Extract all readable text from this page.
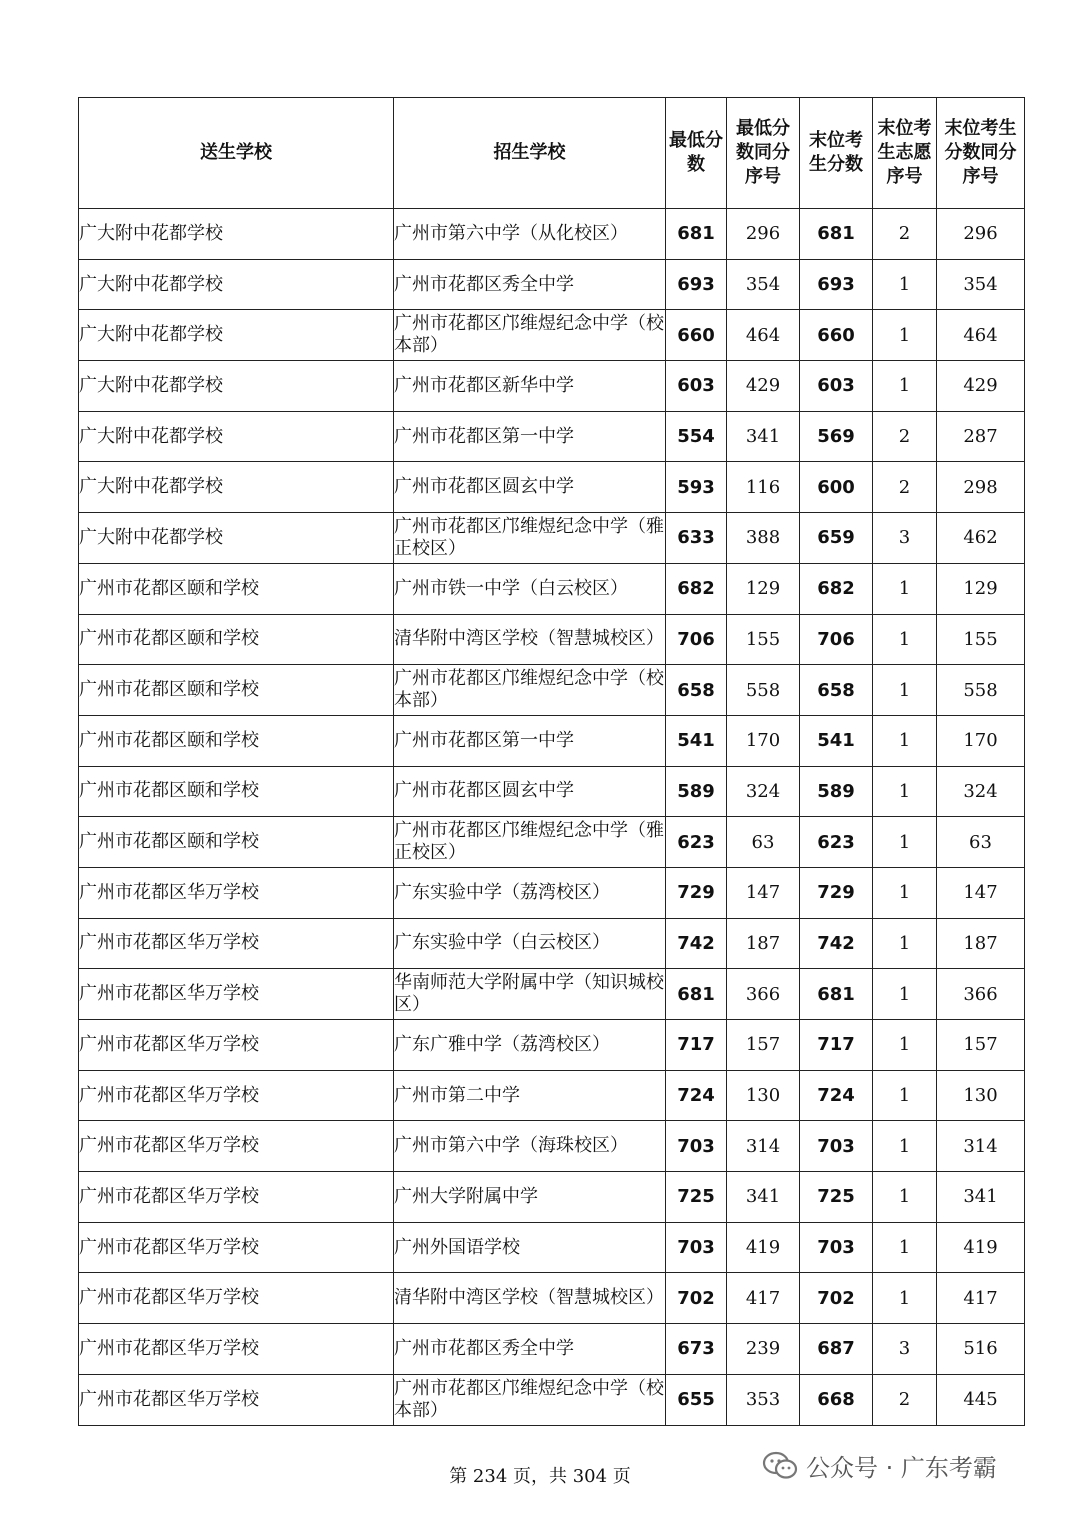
送生学校	招生学校	最低分数	最低分数同分序号	末位考生分数	末位考生志愿序号	末位考生分数同分序号

广大附中花都学校	广州市第六中学（从化校区）	681	296	681	2	296
广大附中花都学校	广州市花都区秀全中学	693	354	693	1	354
广大附中花都学校	广州市花都区邝维煜纪念中学（校本部）	660	464	660	1	464
广大附中花都学校	广州市花都区新华中学	603	429	603	1	429
广大附中花都学校	广州市花都区第一中学	554	341	569	2	287
广大附中花都学校	广州市花都区圆玄中学	593	116	600	2	298
广大附中花都学校	广州市花都区邝维煜纪念中学（雅正校区）	633	388	659	3	462
广州市花都区颐和学校	广州市铁一中学（白云校区）	682	129	682	1	129
广州市花都区颐和学校	清华附中湾区学校（智慧城校区）	706	155	706	1	155
广州市花都区颐和学校	广州市花都区邝维煜纪念中学（校本部）	658	558	658	1	558
广州市花都区颐和学校	广州市花都区第一中学	541	170	541	1	170
广州市花都区颐和学校	广州市花都区圆玄中学	589	324	589	1	324
广州市花都区颐和学校	广州市花都区邝维煜纪念中学（雅正校区）	623	63	623	1	63
广州市花都区华万学校	广东实验中学（荔湾校区）	729	147	729	1	147
广州市花都区华万学校	广东实验中学（白云校区）	742	187	742	1	187
广州市花都区华万学校	华南师范大学附属中学（知识城校区）	681	366	681	1	366
广州市花都区华万学校	广东广雅中学（荔湾校区）	717	157	717	1	157
广州市花都区华万学校	广州市第二中学	724	130	724	1	130
广州市花都区华万学校	广州市第六中学（海珠校区）	703	314	703	1	314
广州市花都区华万学校	广州大学附属中学	725	341	725	1	341
广州市花都区华万学校	广州外国语学校	703	419	703	1	419
广州市花都区华万学校	清华附中湾区学校（智慧城校区）	702	417	702	1	417
广州市花都区华万学校	广州市花都区秀全中学	673	239	687	3	516
广州市花都区华万学校	广州市花都区邝维煜纪念中学（校本部）	655	353	668	2	445
第 234 页，共 304 页	公众号 · 广东考霸
